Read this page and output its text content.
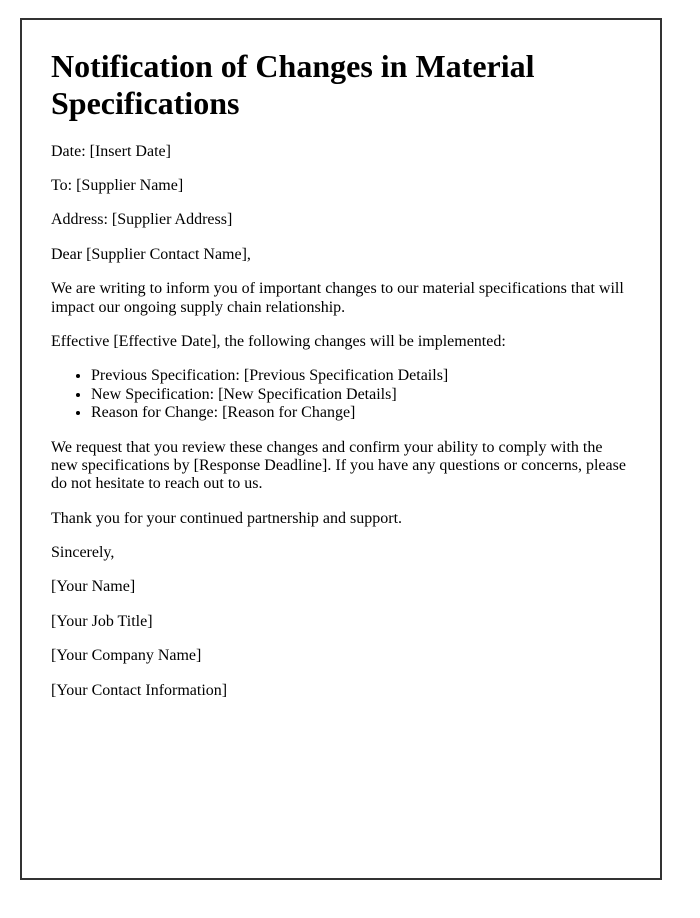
Notification of Changes in Material Specifications

Date: [Insert Date]

To: [Supplier Name]

Address: [Supplier Address]

Dear [Supplier Contact Name],

We are writing to inform you of important changes to our material specifications that will impact our ongoing supply chain relationship.

Effective [Effective Date], the following changes will be implemented:

• Previous Specification: [Previous Specification Details]
• New Specification: [New Specification Details]
• Reason for Change: [Reason for Change]

We request that you review these changes and confirm your ability to comply with the new specifications by [Response Deadline]. If you have any questions or concerns, please do not hesitate to reach out to us.

Thank you for your continued partnership and support.

Sincerely,

[Your Name]

[Your Job Title]

[Your Company Name]

[Your Contact Information]
